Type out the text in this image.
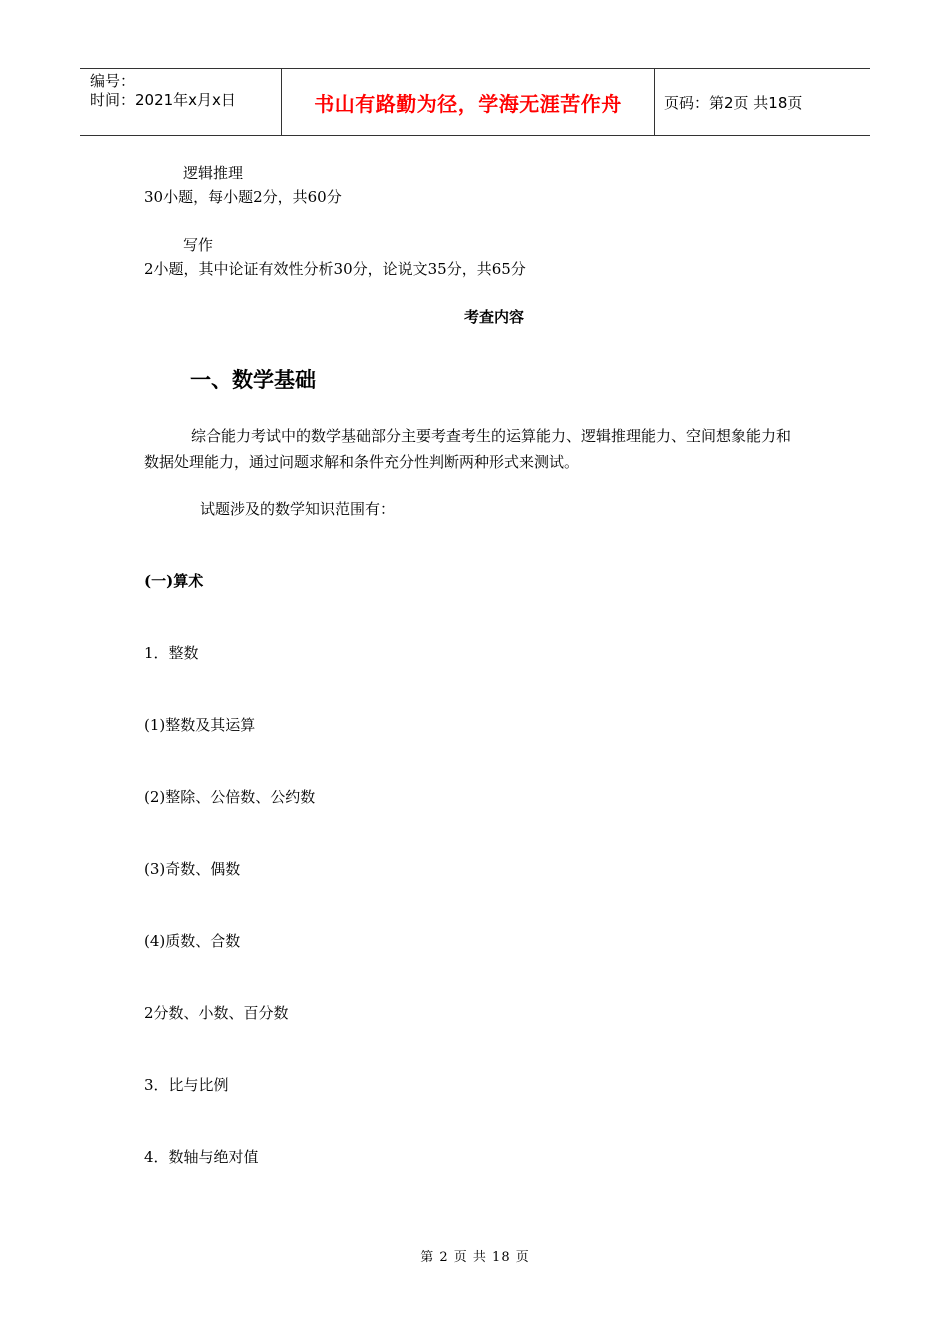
编号：
时间：2021年x月x日	书山有路勤为径，学海无涯苦作舟	页码：第2页 共18页
逻辑推理
30小题，每小题2分，共60分
写作
2小题，其中论证有效性分析30分，论说文35分，共65分
考查内容
一、数学基础
综合能力考试中的数学基础部分主要考查考生的运算能力、逻辑推理能力、空间想象能力和数据处理能力，通过问题求解和条件充分性判断两种形式来测试。
试题涉及的数学知识范围有：
(一)算术
1．整数
(1)整数及其运算
(2)整除、公倍数、公约数
(3)奇数、偶数
(4)质数、合数
2分数、小数、百分数
3．比与比例
4．数轴与绝对值
第 2 页 共 18 页
